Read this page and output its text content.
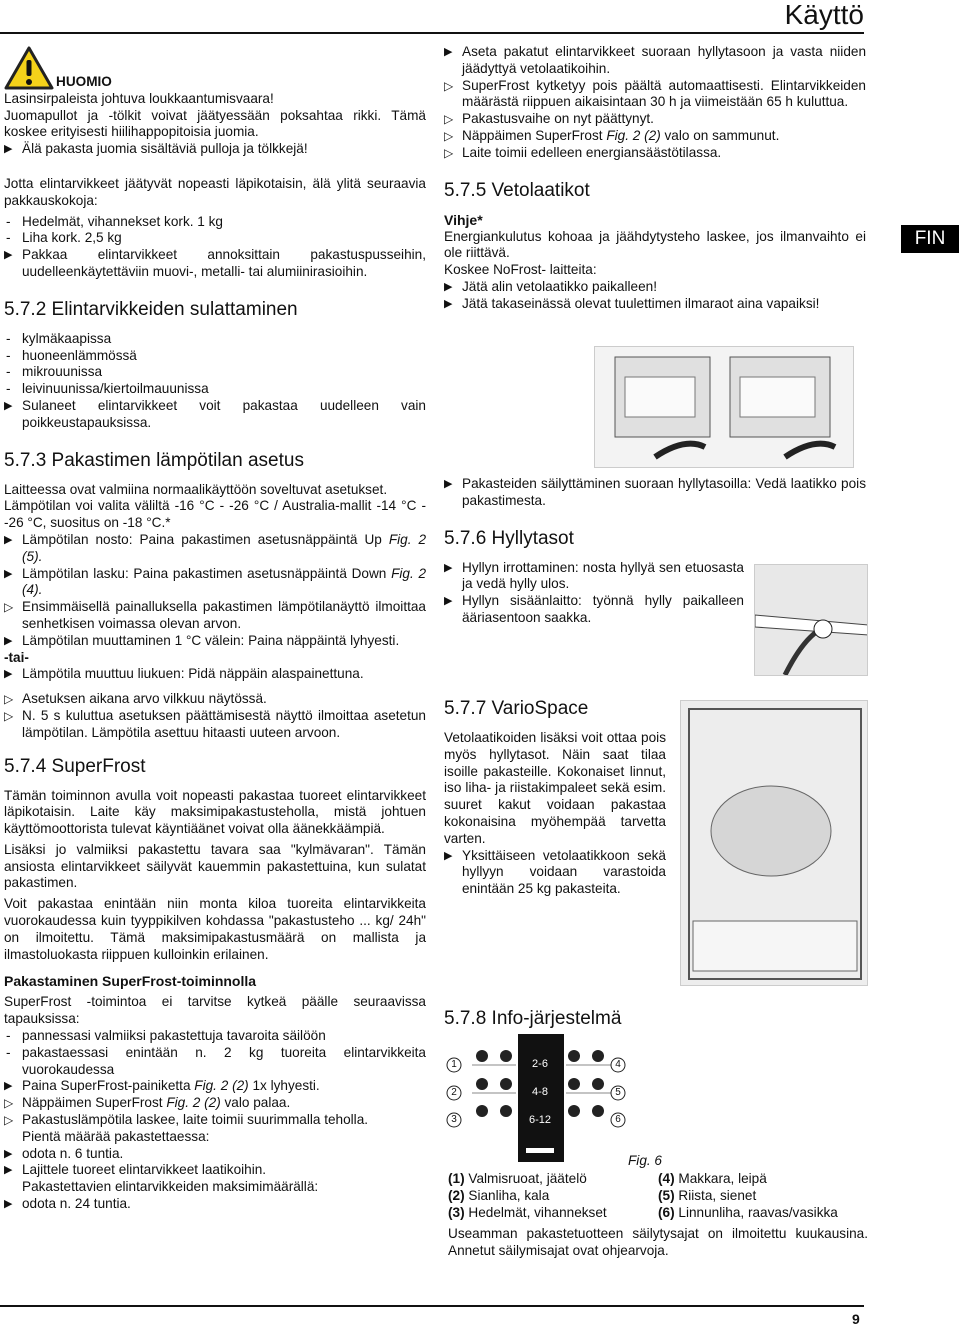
Käyttö
FIN
HUOMIO

Lasinsirpaleista johtuva loukkaantumisvaara!

Juomapullot ja -tölkit voivat jäätyessään poksahtaa rikki. Tämä koskee erityisesti hiilihappopitoisia juomia.

▶ Älä pakasta juomia sisältäviä pulloja ja tölkkejä!

Jotta elintarvikkeet jäätyvät nopeasti läpikotaisin, älä ylitä seuraavia pakkauskokoja:

- Hedelmät, vihannekset kork. 1 kg
- Liha kork. 2,5 kg
▶ Pakkaa elintarvikkeet annoksittain pakastuspusseihin, uudelleenkäytettäviin muovi-, metalli- tai alumiinirasioihin.
5.7.2 Elintarvikkeiden sulattaminen
- kylmäkaapissa
- huoneenlämmössä
- mikrouunissa
- leivinuunissa/kiertoilmauunissa
▶ Sulaneet elintarvikkeet voit pakastaa uudelleen vain poikkeustapauksissa.
5.7.3 Pakastimen lämpötilan asetus

Laitteessa ovat valmiina normaalikäyttöön soveltuvat asetukset.

Lämpötilan voi valita väliltä -16 °C - -26 °C / Australia-mallit -14 °C - -26 °C, suositus on -18 °C.*

▶ Lämpötilan nosto: Paina pakastimen asetusnäppäintä Up Fig. 2 (5).
▶ Lämpötilan lasku: Paina pakastimen asetusnäppäintä Down Fig. 2 (4).
▷ Ensimmäisellä painalluksella pakastimen lämpötilanäyttö ilmoittaa senhetkisen voimassa olevan arvon.
▶ Lämpötilan muuttaminen 1 °C välein: Paina näppäintä lyhyesti.
-tai-
▶ Lämpötila muuttuu liukuen: Pidä näppäin alaspainettuna.
▷ Asetuksen aikana arvo vilkkuu näytössä.
▷ N. 5 s kuluttua asetuksen päättämisestä näyttö ilmoittaa asetetun lämpötilan. Lämpötila asettuu hitaasti uuteen arvoon.
5.7.4 SuperFrost

Tämän toiminnon avulla voit nopeasti pakastaa tuoreet elintarvikkeet läpikotaisin. Laite käy maksimipakastusteholla, mistä johtuen käyttömoottorista tulevat käyntiäänet voivat olla äänekkäämpiä.

Lisäksi jo valmiiksi pakastettu tavara saa "kylmävaran". Tämän ansiosta elintarvikkeet säilyvät kauemmin pakastettuina, kun sulatat pakastimen.

Voit pakastaa enintään niin monta kiloa tuoreita elintarvikkeita vuorokaudessa kuin tyyppikilven kohdassa "pakastusteho ... kg/ 24h" on ilmoitettu. Tämä maksimipakastusmäärä on mallista ja ilmastoluokasta riippuen kulloinkin erilainen.

Pakastaminen SuperFrost-toiminnolla

SuperFrost -toimintoa ei tarvitse kytkeä päälle seuraavissa tapauksissa:

- pannessasi valmiiksi pakastettuja tavaroita säilöön
- pakastaessasi enintään n. 2 kg tuoreita elintarvikkeita vuorokaudessa
▶ Paina SuperFrost-painiketta Fig. 2 (2) 1x lyhyesti.
▷ Näppäimen SuperFrost Fig. 2 (2) valo palaa.
▷ Pakastuslämpötila laskee, laite toimii suurimmalla teholla.
Pientä määrää pakastettaessa:
▶ odota n. 6 tuntia.
▶ Lajittele tuoreet elintarvikkeet laatikoihin.
Pakastettavien elintarvikkeiden maksimimäärällä:
▶ odota n. 24 tuntia.
▶ Aseta pakatut elintarvikkeet suoraan hyllytasoon ja vasta niiden jäädyttyä vetolaatikoihin.
▷ SuperFrost kytketyy pois päältä automaattisesti. Elintarvikkeiden määrästä riippuen aikaisintaan 30 h ja viimeistään 65 h kuluttua.
▷ Pakastusvaihe on nyt päättynyt.
▷ Näppäimen SuperFrost Fig. 2 (2) valo on sammunut.
▷ Laite toimii edelleen energiansäästötilassa.
5.7.5 Vetolaatikot
Vihje*

Energiankulutus kohoaa ja jäähdytysteho laskee, jos ilmanvaihto ei ole riittävä.

Koskee NoFrost- laitteita:

▶ Jätä alin vetolaatikko paikalleen!
▶ Jätä takaseinässä olevat tuulettimen ilmaraot aina vapaiksi!
▶ Pakasteiden säilyttäminen suoraan hyllytasoilla: Vedä laatikko pois pakastimesta.
5.7.6 Hyllytasot
▶ Hyllyn irrottaminen: nosta hyllyä sen etuosasta ja vedä hylly ulos.
▶ Hyllyn sisäänlaitto: työnnä hylly paikalleen ääriasentoon saakka.
5.7.7 VarioSpace

Vetolaatikoiden lisäksi voit ottaa pois myös hyllytasot. Näin saat tilaa isoille pakasteille. Kokonaiset linnut, iso liha- ja riistakimpaleet sekä esim. suuret kakut voidaan pakastaa kokonaisina myöhempää tarvetta varten.

▶ Yksittäiseen vetolaatikkoon sekä hyllyyn voidaan varastoida enintään 25 kg pakasteita.
5.7.8 Info-järjestelmä
1
2
3
4
5
6
2-6
4-8
6-12
Fig. 6
(1) Valmisruoat, jäätelö	(4) Makkara, leipä
(2) Sianliha, kala	(5) Riista, sienet
(3) Hedelmät, vihannekset	(6) Linnunliha, raavas/vasikka

Useamman pakastetuotteen säilytysajat on ilmoitettu kuukausina. Annetut säilymisajat ovat ohjearvoja.

9
